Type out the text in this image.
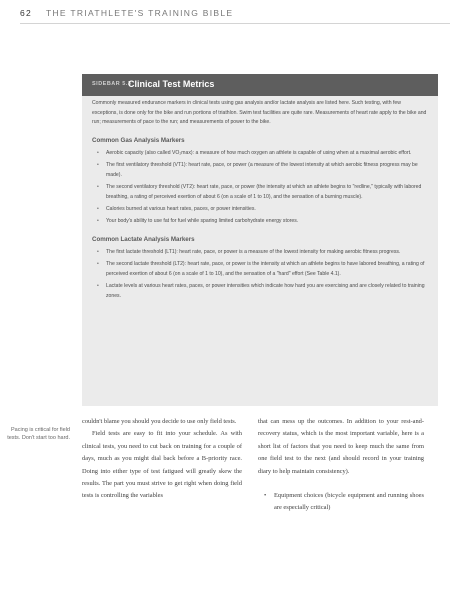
62 THE TRIATHLETE'S TRAINING BIBLE
SIDEBAR 5.3
Clinical Test Metrics

Commonly measured endurance markers in clinical tests using gas analysis and/or lactate analysis are listed here. Such testing, with few exceptions, is done only for the bike and run portions of triathlon. Swim test facilities are quite rare. Measurements of heart rate apply to the bike and run; measurements of pace to the run; and measurements of power to the bike.

Common Gas Analysis Markers
• Aerobic capacity (also called VO₂max): a measure of how much oxygen an athlete is capable of using when at a maximal aerobic effort.
• The first ventilatory threshold (VT1): heart rate, pace, or power (a measure of the lowest intensity at which aerobic fitness progress may be made).
• The second ventilatory threshold (VT2): heart rate, pace, or power (the intensity at which an athlete begins to "redline," typically with labored breathing, a rating of perceived exertion of about 6 (on a scale of 1 to 10), and the sensation of a burning muscle).
• Calories burned at various heart rates, paces, or power intensities.
• Your body's ability to use fat for fuel while sparing limited carbohydrate energy stores.
Common Lactate Analysis Markers
• The first lactate threshold (LT1): heart rate, pace, or power is a measure of the lowest intensity for making aerobic fitness progress.
• The second lactate threshold (LT2): heart rate, pace, or power is the intensity at which an athlete begins to have labored breathing, a rating of perceived exertion of about 6 (on a scale of 1 to 10), and the sensation of a "hard" effort (See Table 4.1).
• Lactate levels at various heart rates, paces, or power intensities which indicate how hard you are exercising and are closely related to training zones.
Pacing is critical for field tests. Don't start too hard.

couldn't blame you should you decide to use only field tests.

Field tests are easy to fit into your schedule. As with clinical tests, you need to cut back on training for a couple of days, much as you might dial back before a B-priority race. Doing into either type of test fatigued will greatly skew the results. The part you must strive to get right when doing field tests is controlling the variables

that can mess up the outcomes. In addition to your rest-and-recovery status, which is the most important variable, here is a short list of factors that you need to keep much the same from one field test to the next (and should record in your training diary to help maintain consistency).

• Equipment choices (bicycle equipment and running shoes are especially critical)
